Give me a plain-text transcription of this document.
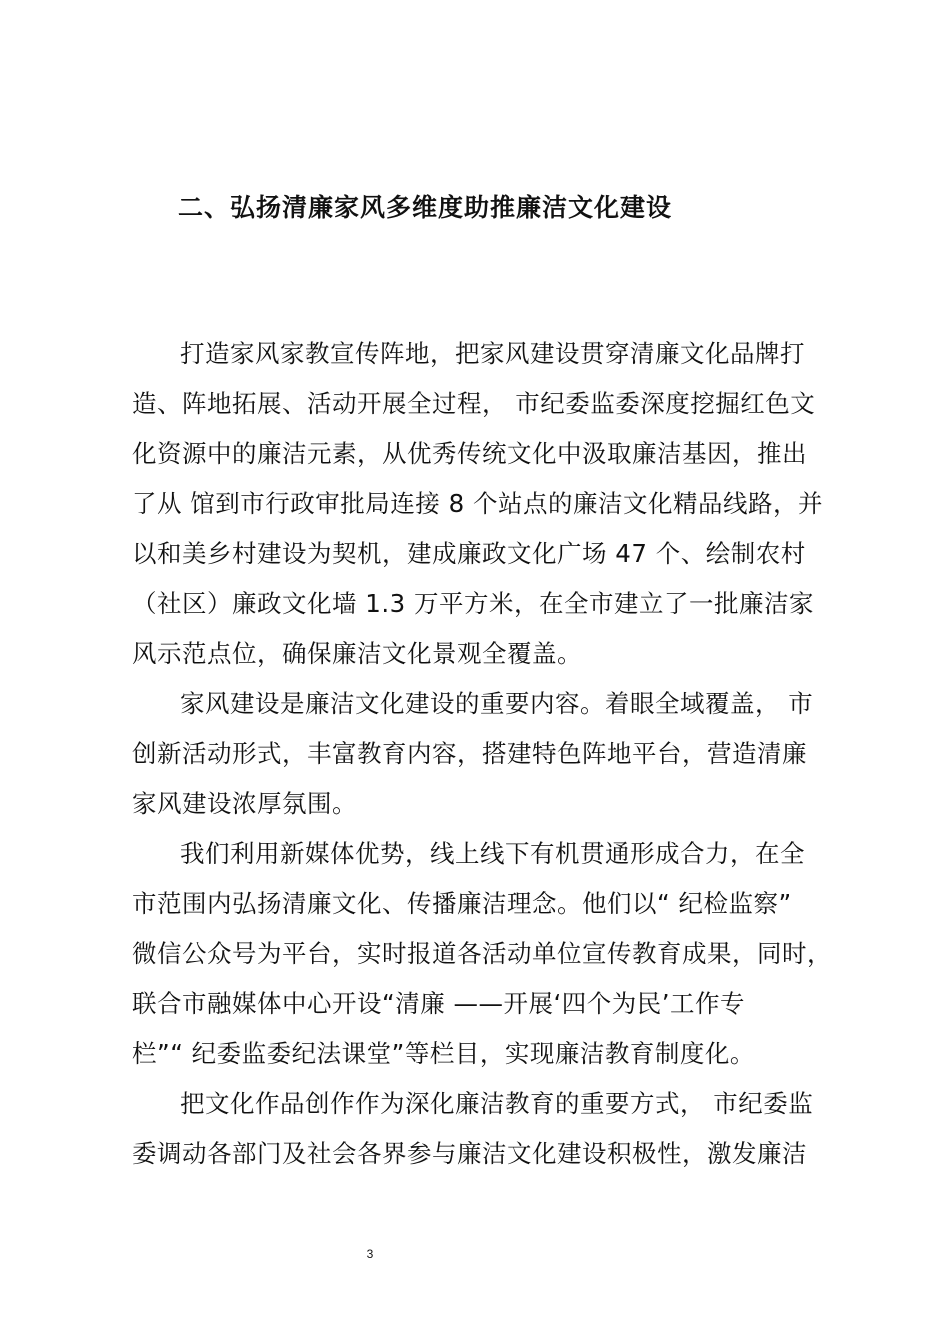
二、弘扬清廉家风多维度助推廉洁文化建设
打造家风家教宣传阵地，把家风建设贯穿清廉文化品牌打
造、阵地拓展、活动开展全过程， 市纪委监委深度挖掘红色文
化资源中的廉洁元素，从优秀传统文化中汲取廉洁基因，推出
了从 馆到市行政审批局连接 8 个站点的廉洁文化精品线路，并
以和美乡村建设为契机，建成廉政文化广场 47 个、绘制农村
（社区）廉政文化墙 1.3 万平方米，在全市建立了一批廉洁家
风示范点位，确保廉洁文化景观全覆盖。
家风建设是廉洁文化建设的重要内容。着眼全域覆盖， 市
创新活动形式，丰富教育内容，搭建特色阵地平台，营造清廉
家风建设浓厚氛围。
我们利用新媒体优势，线上线下有机贯通形成合力，在全
市范围内弘扬清廉文化、传播廉洁理念。他们以“ 纪检监察”
微信公众号为平台，实时报道各活动单位宣传教育成果，同时，
联合市融媒体中心开设“清廉 ——开展‘四个为民’工作专
栏”“ 纪委监委纪法课堂”等栏目，实现廉洁教育制度化。
把文化作品创作作为深化廉洁教育的重要方式， 市纪委监
委调动各部门及社会各界参与廉洁文化建设积极性，激发廉洁
3
